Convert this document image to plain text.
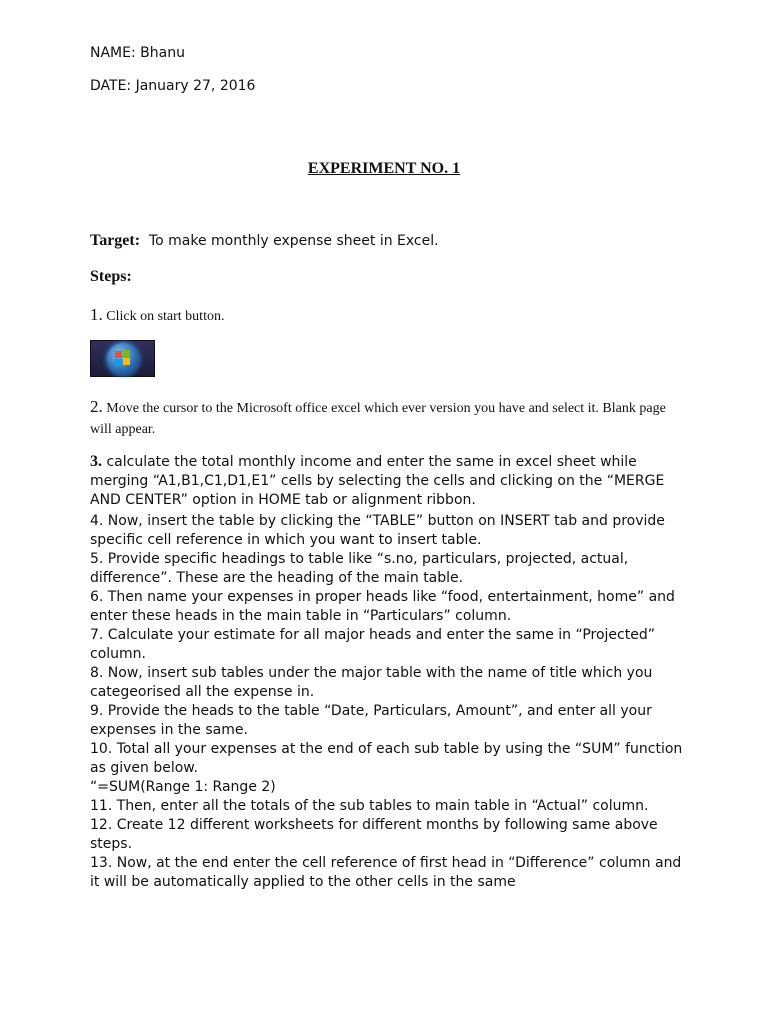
NAME: Bhanu
DATE: January 27, 2016
EXPERIMENT NO. 1
Target: To make monthly expense sheet in Excel.
Steps:
1. Click on start button.
2. Move the cursor to the Microsoft office excel which ever version you have and select it. Blank page will appear.
3. calculate the total monthly income and enter the same in excel sheet while merging “A1,B1,C1,D1,E1” cells by selecting the cells and clicking on the “MERGE AND CENTER” option in HOME tab or alignment ribbon.

4. Now, insert the table by clicking the “TABLE” button on INSERT tab and provide specific cell reference in which you want to insert table.

5. Provide specific headings to table like “s.no, particulars, projected, actual, difference”. These are the heading of the main table.

6. Then name your expenses in proper heads like “food, entertainment, home” and enter these heads in the main table in “Particulars” column.

7. Calculate your estimate for all major heads and enter the same in “Projected” column.

8. Now, insert sub tables under the major table with the name of title which you categeorised all the expense in.

9. Provide the heads to the table “Date, Particulars, Amount”, and enter all your expenses in the same.

10. Total all your expenses at the end of each sub table by using the “SUM” function as given below.

“=SUM(Range 1: Range 2)

11. Then, enter all the totals of the sub tables to main table in “Actual” column.

12. Create 12 different worksheets for different months by following same above steps.

13. Now, at the end enter the cell reference of first head in “Difference” column and it will be automatically applied to the other cells in the same
